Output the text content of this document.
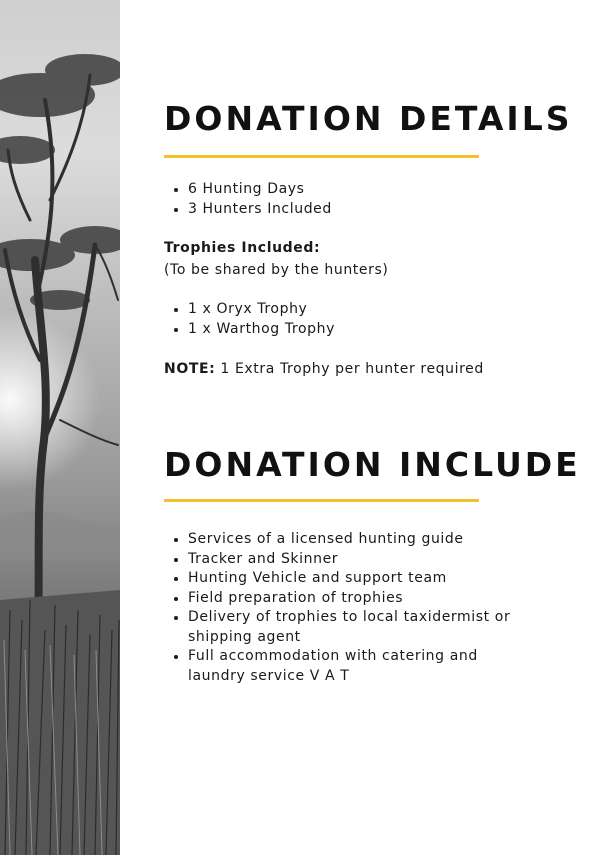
DONATION DETAILS
6 Hunting Days
3 Hunters Included

Trophies Included:

(To be shared by the hunters)

1 x Oryx Trophy
1 x Warthog Trophy

NOTE: 1 Extra Trophy per hunter required

DONATION INCLUDE
Services of a licensed hunting guide
Tracker and Skinner
Hunting Vehicle and support team
Field preparation of trophies
Delivery of trophies to local taxidermist or shipping agent
Full accommodation with catering and laundry service V A T
